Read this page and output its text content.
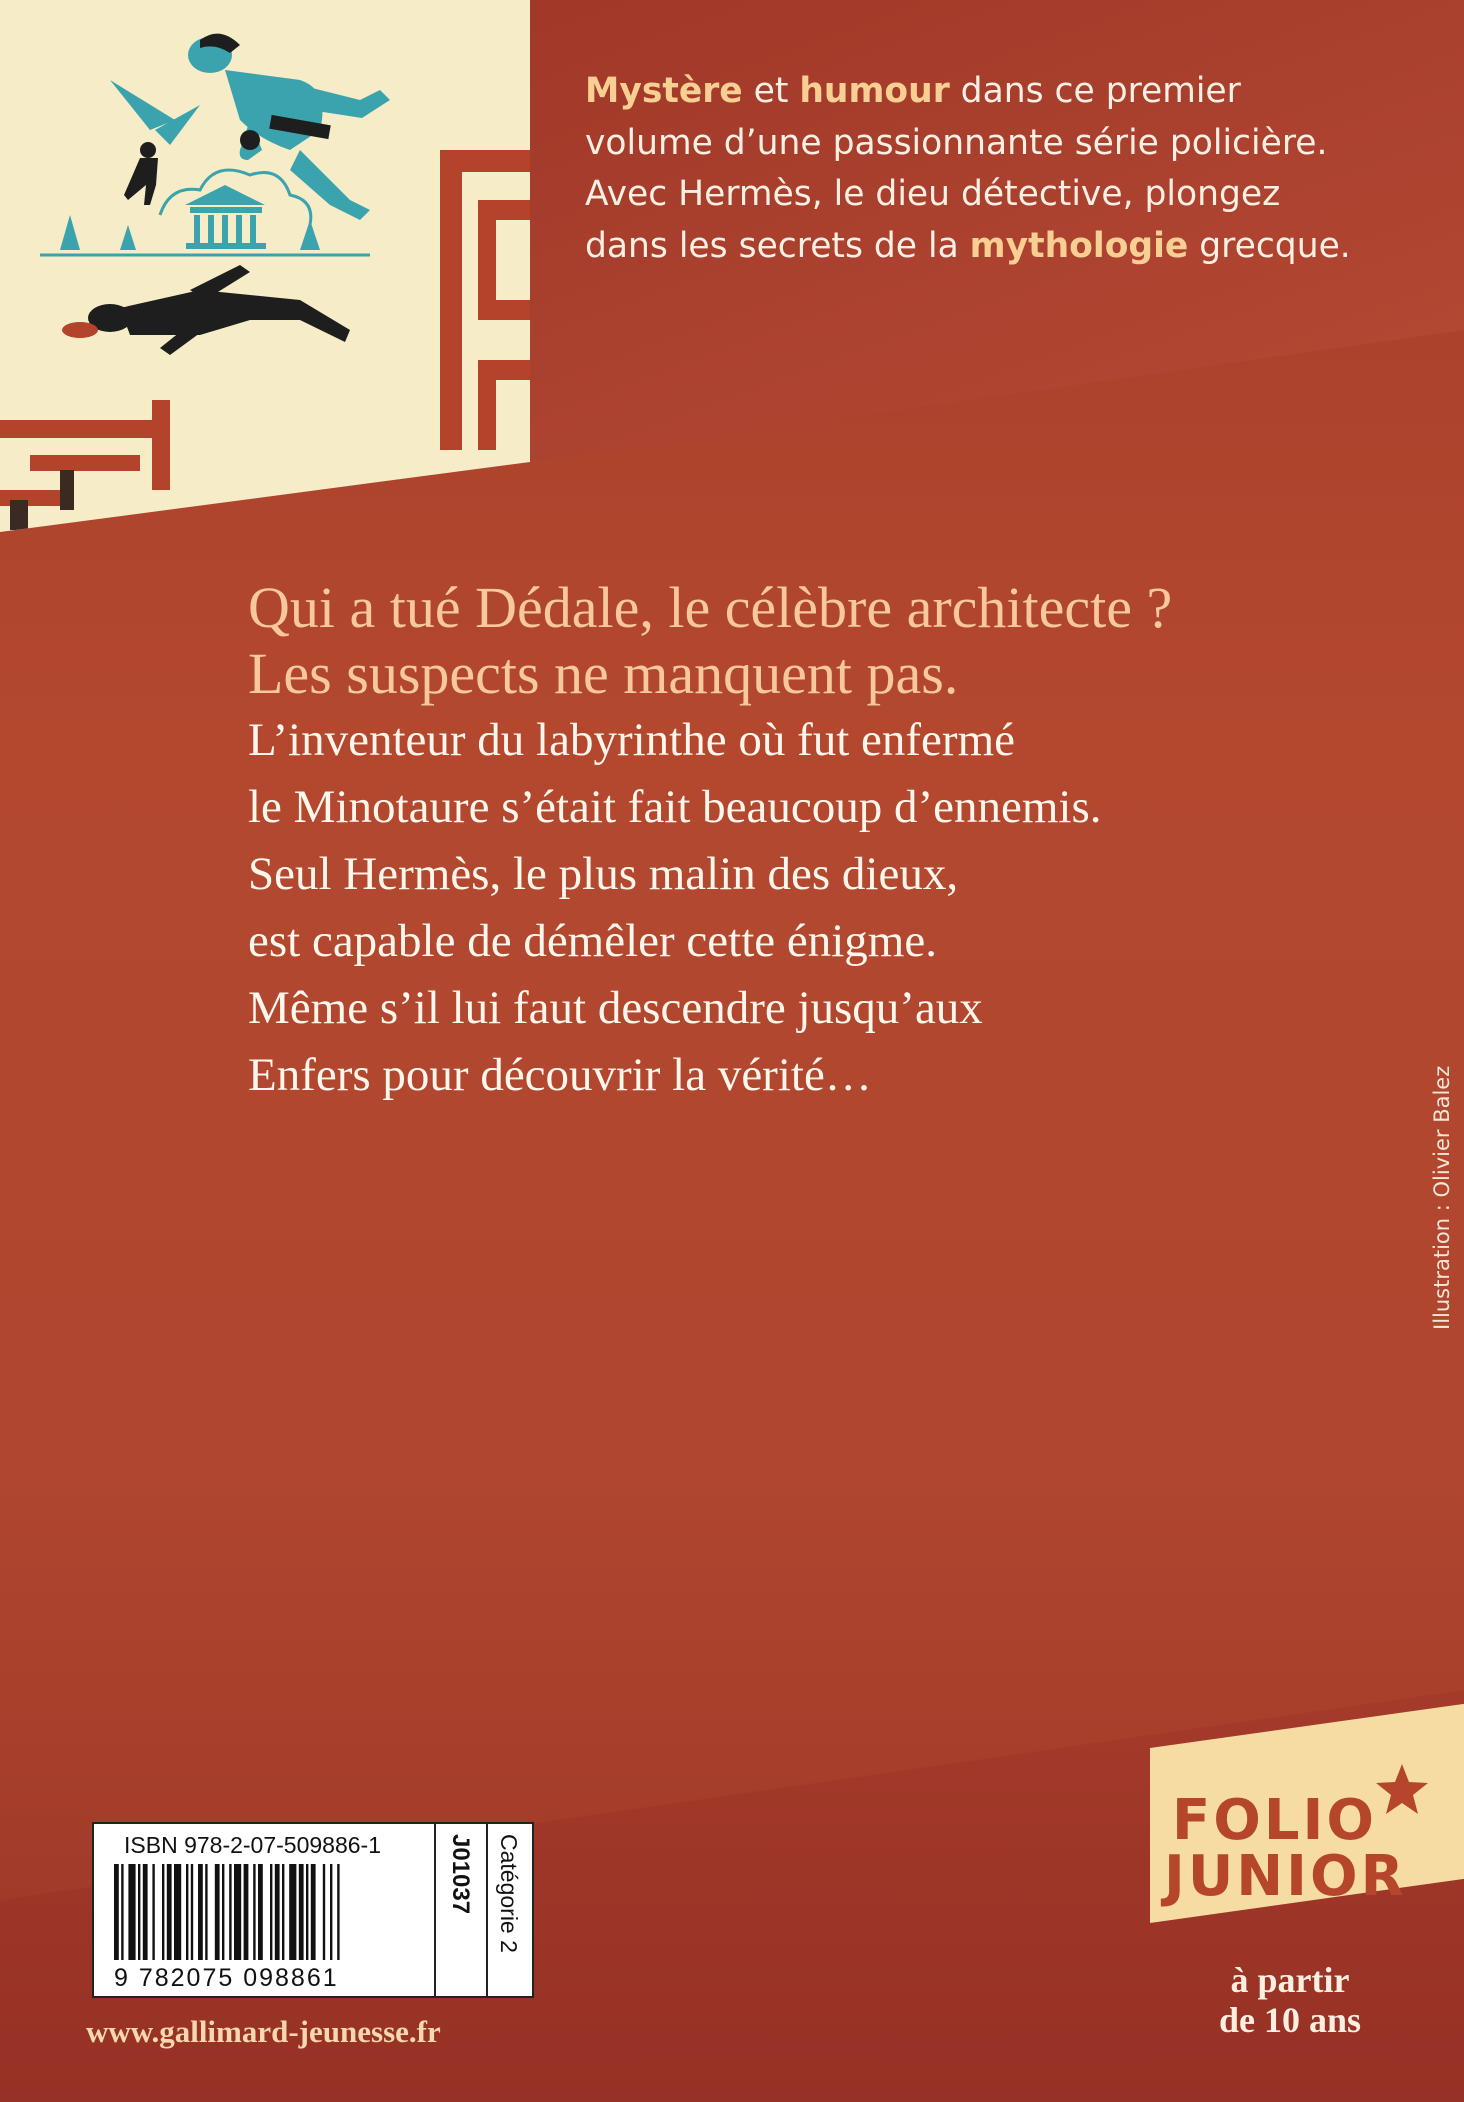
Mystère et humour dans ce premier volume d’une passionnante série policière. Avec Hermès, le dieu détective, plongez dans les secrets de la mythologie grecque.
Qui a tué Dédale, le célèbre architecte ?
Les suspects ne manquent pas.
L’inventeur du labyrinthe où fut enfermé
le Minotaure s’était fait beaucoup d’ennemis.
Seul Hermès, le plus malin des dieux,
est capable de démêler cette énigme.
Même s’il lui faut descendre jusqu’aux
Enfers pour découvrir la vérité…	Illustration : Olivier Balez
FOLIO
JUNIOR
à partir
de 10 ans
ISBN 978-2-07-509886-1
9 782075 098861
J01037 Catégorie 2
www.gallimard-jeunesse.fr
